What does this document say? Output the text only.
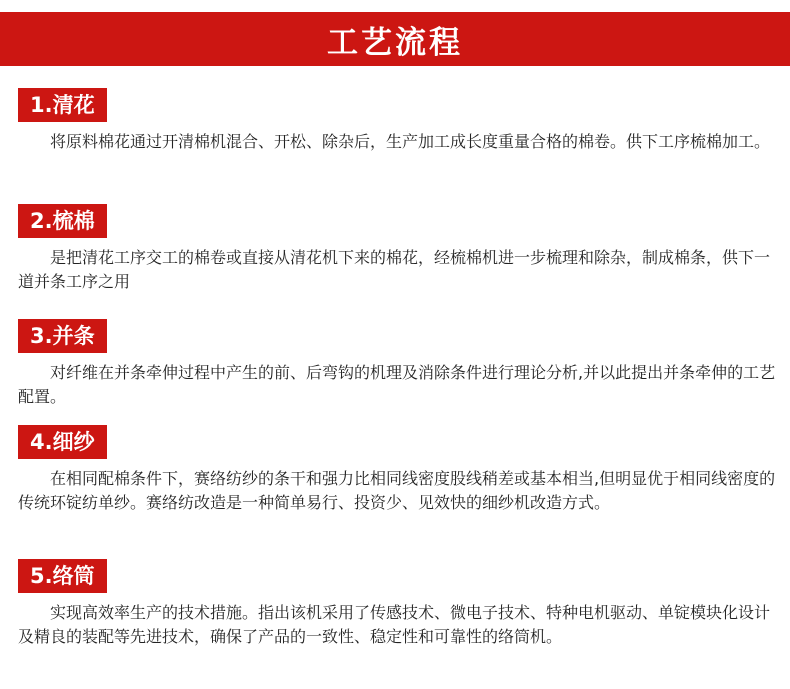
工艺流程
1.清花

将原料棉花通过开清棉机混合、开松、除杂后，生产加工成长度重量合格的棉卷。供下工序梳棉加工。

2.梳棉

是把清花工序交工的棉卷或直接从清花机下来的棉花，经梳棉机进一步梳理和除杂，制成棉条，供下一道并条工序之用

3.并条

对纤维在并条牵伸过程中产生的前、后弯钩的机理及消除条件进行理论分析,并以此提出并条牵伸的工艺配置。

4.细纱

在相同配棉条件下，赛络纺纱的条干和强力比相同线密度股线稍差或基本相当,但明显优于相同线密度的传统环锭纺单纱。赛络纺改造是一种简单易行、投资少、见效快的细纱机改造方式。

5.络筒

实现高效率生产的技术措施。指出该机采用了传感技术、微电子技术、特种电机驱动、单锭模块化设计及精良的装配等先进技术，确保了产品的一致性、稳定性和可靠性的络筒机。
